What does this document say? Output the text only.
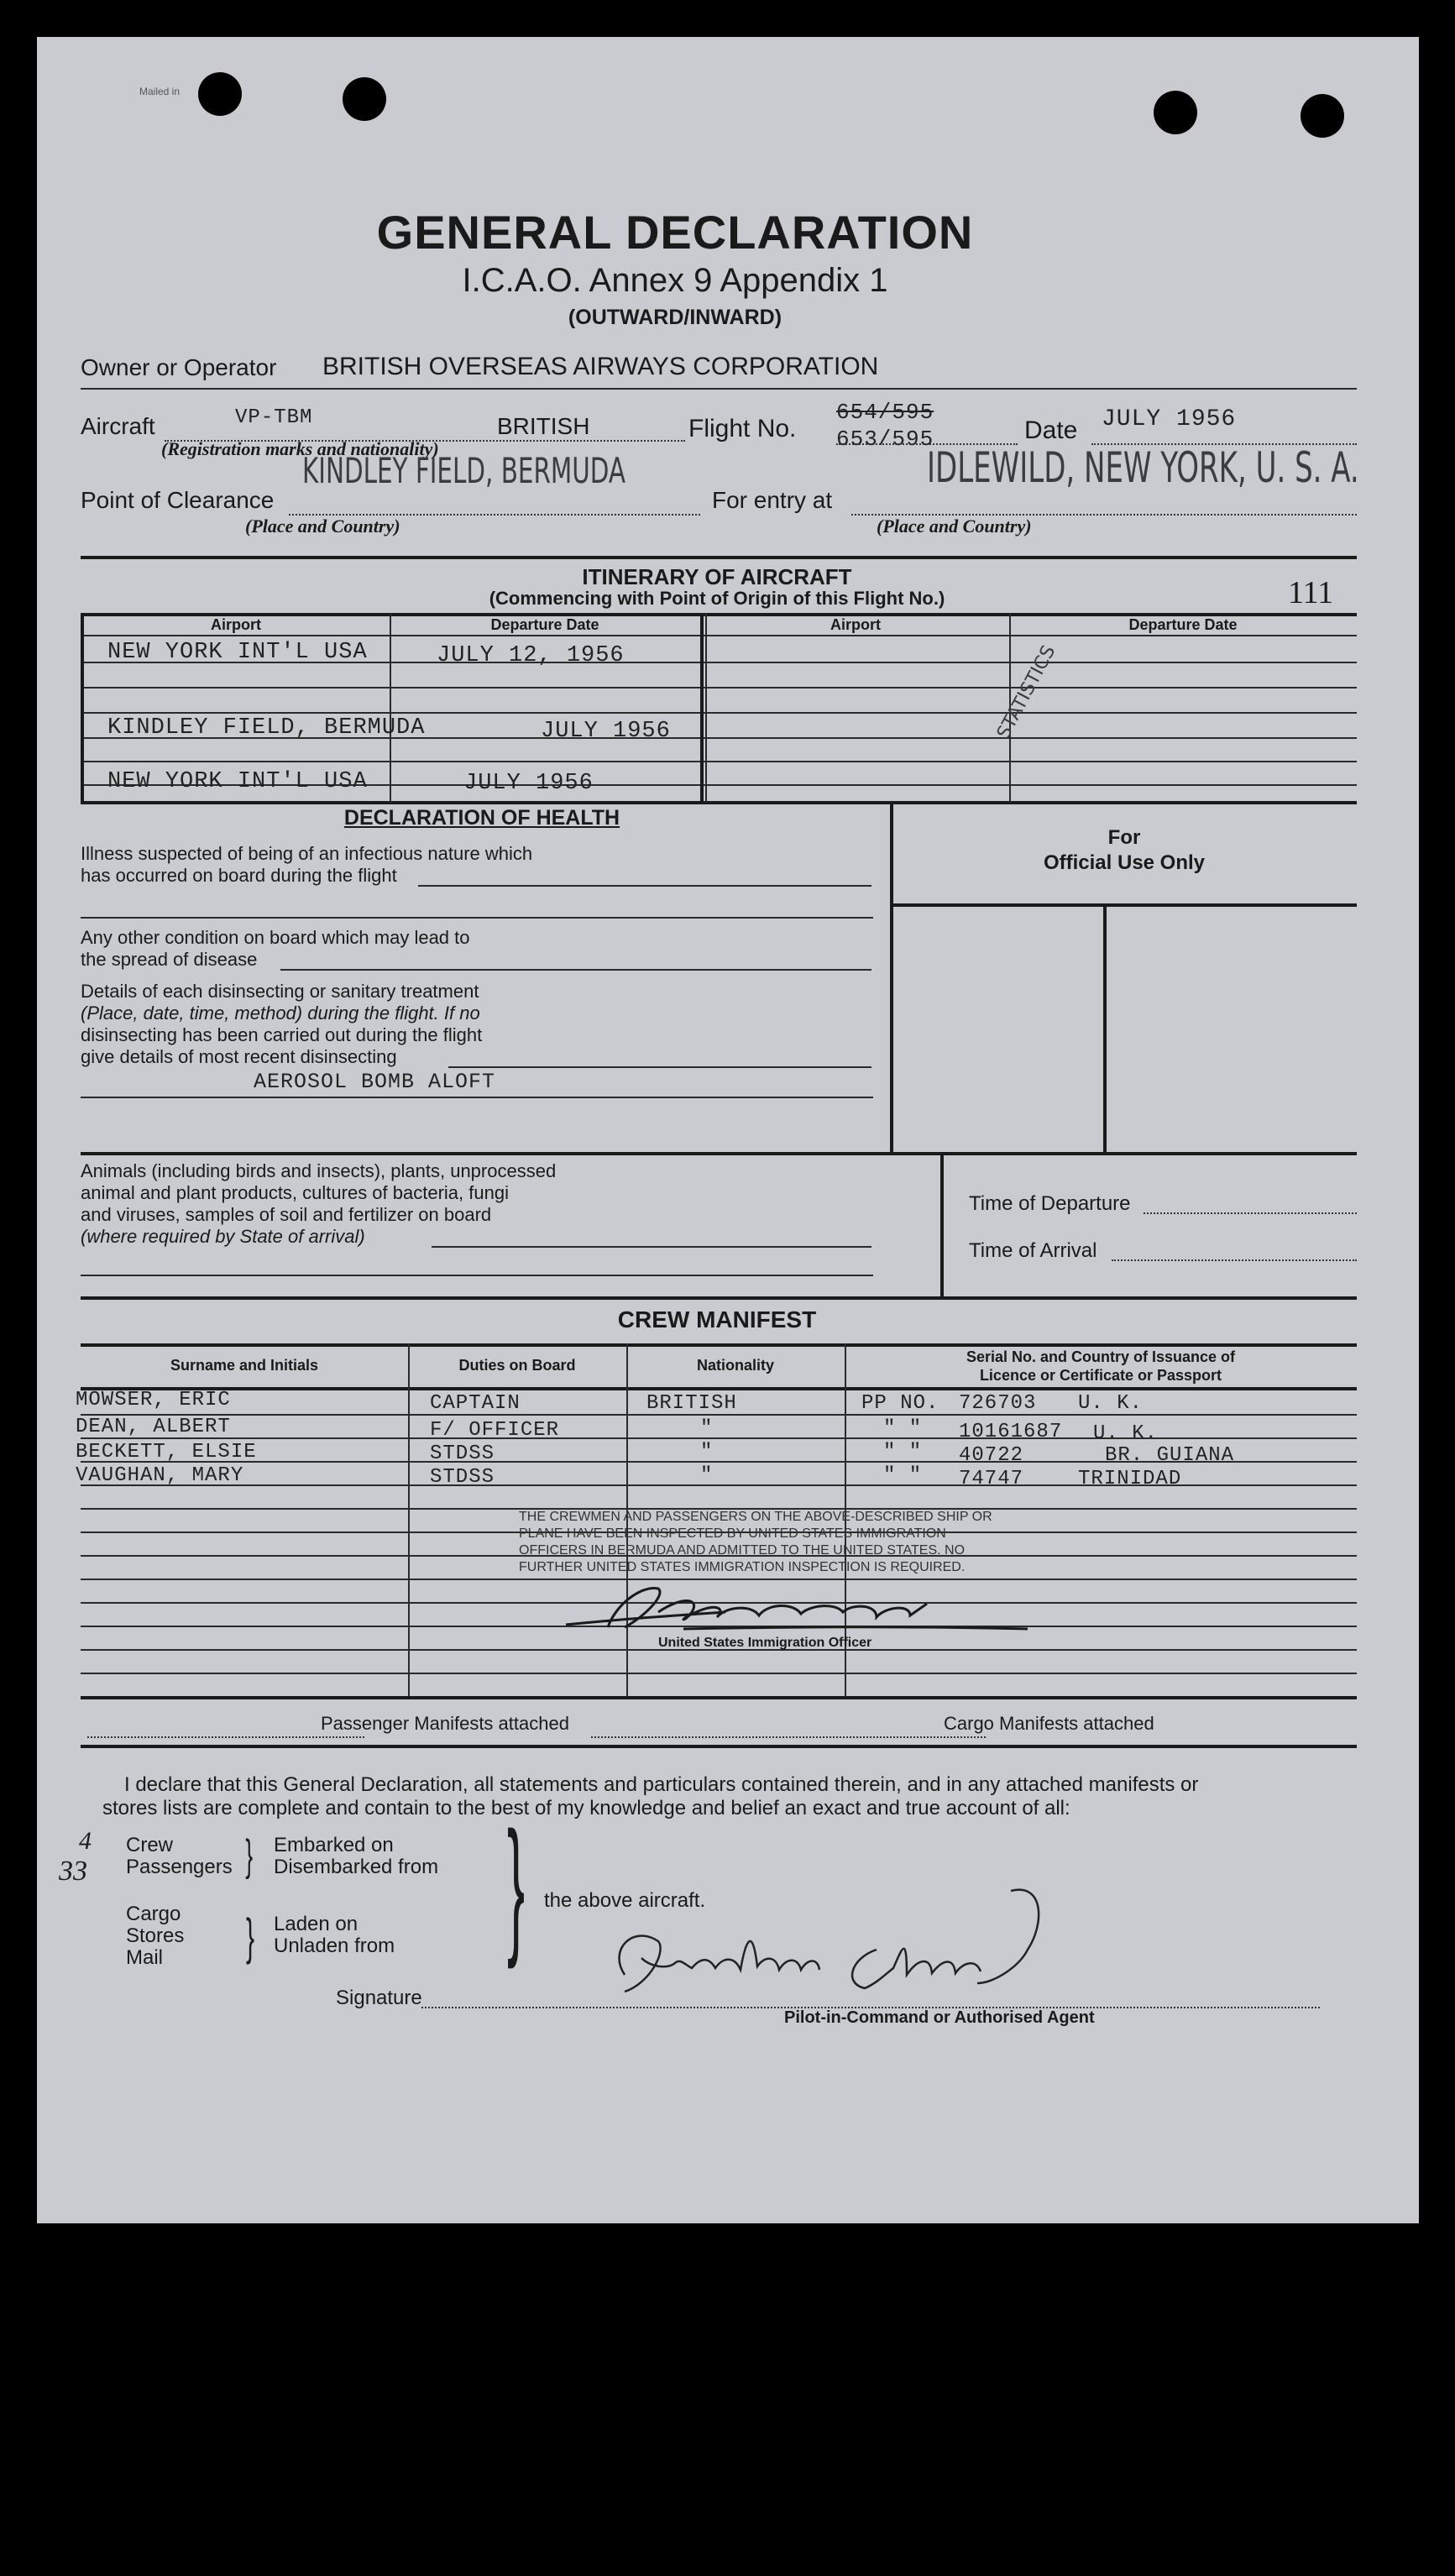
Mailed in
GENERAL DECLARATION
I.C.A.O. Annex 9 Appendix 1
(OUTWARD/INWARD)
Owner or Operator BRITISH OVERSEAS AIRWAYS CORPORATION
Aircraft	VP-TBM	BRITISH
(Registration marks and nationality)
Flight No.
654/595
653/595	Date JULY 1956
Point of Clearance
KINDLEY FIELD, BERMUDA
(Place and Country)
For entry at
IDLEWILD, NEW YORK, U. S. A.
(Place and Country)
ITINERARY OF AIRCRAFT
(Commencing with Point of Origin of this Flight No.)	111
Airport	Departure Date	Airport	Departure Date
NEW YORK INT'L USA	JULY 12, 1956
KINDLEY FIELD, BERMUDA	JULY 1956
NEW YORK INT'L USA	JULY 1956
STATISTICS
DECLARATION OF HEALTH
For
Official Use Only
Illness suspected of being of an infectious nature which
has occurred on board during the flight
Any other condition on board which may lead to
the spread of disease
Details of each disinsecting or sanitary treatment
(Place, date, time, method) during the flight. If no
disinsecting has been carried out during the flight
give details of most recent disinsecting
AEROSOL BOMB ALOFT
Animals (including birds and insects), plants, unprocessed
animal and plant products, cultures of bacteria, fungi
and viruses, samples of soil and fertilizer on board
(where required by State of arrival)
Time of Departure
Time of Arrival
CREW MANIFEST
Surname and Initials	Duties on Board	Nationality	Serial No. and Country of Issuance of
Licence or Certificate or Passport
MOWSER, ERIC	CAPTAIN	BRITISH	PP NO. 726703 U. K.
DEAN, ALBERT	F/ OFFICER	"	" " 10161687 U. K.
BECKETT, ELSIE	STDSS	"	" " 40722	BR. GUIANA
VAUGHAN, MARY	STDSS	"	" " 74747	TRINIDAD
THE CREWMEN AND PASSENGERS ON THE ABOVE-DESCRIBED SHIP OR
PLANE HAVE BEEN INSPECTED BY UNITED STATES IMMIGRATION
OFFICERS IN BERMUDA AND ADMITTED TO THE UNITED STATES. NO
FURTHER UNITED STATES IMMIGRATION INSPECTION IS REQUIRED.
United States Immigration Officer
Passenger Manifests attached	Cargo Manifests attached
I declare that this General Declaration, all statements and particulars contained therein, and in any attached manifests or
stores lists are complete and contain to the best of my knowledge and belief an exact and true account of all:
4
33
Crew
Passengers } Embarked on
Disembarked from
Cargo
Stores
Mail } Laden on
Unladen from } the above aircraft.
Signature
Pilot-in-Command or Authorised Agent
